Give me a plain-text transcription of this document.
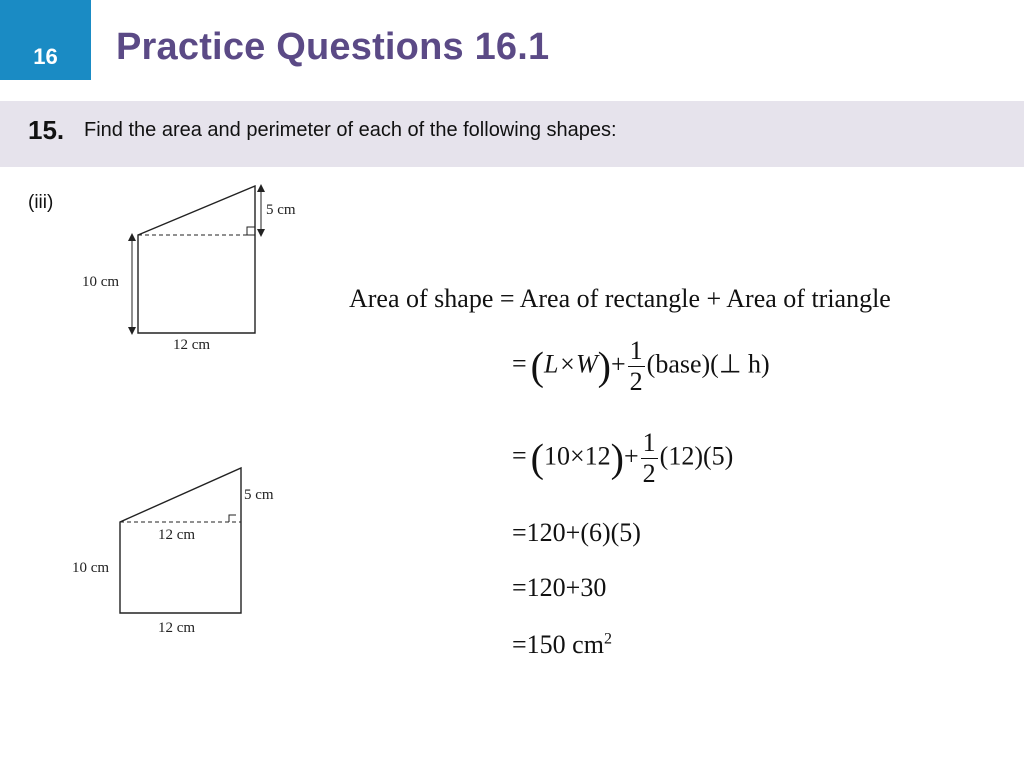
16 Practice Questions 16.1
15. Find the area and perimeter of each of the following shapes:
(iii)	5 cm
10 cm
12 cm
5 cm
12 cm
10 cm
12 cm
Area of shape = Area of rectangle + Area of triangle
= $(L\times W)+ \frac{1}{2}$ (base)(⊥ h)
= $(10\times 12)+ \frac{1}{2} (12)(5)$
=120+(6)(5)
=120+30
=150 $cm^2$
